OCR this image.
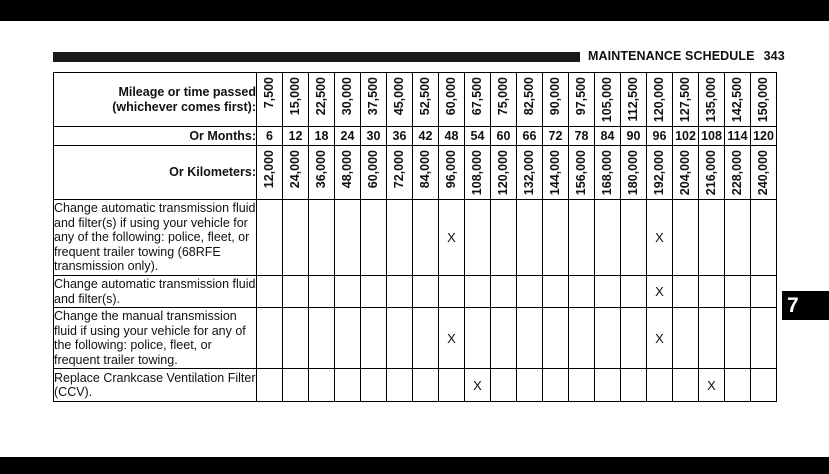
MAINTENANCE SCHEDULE 343
Mileage or time passed (whichever comes first):	7,500	15,000	22,500	30,000	37,500	45,000	52,500	60,000	67,500	75,000	82,500	90,000	97,500	105,000	112,500	120,000	127,500	135,000	142,500	150,000

Or Months:	6	12	18	24	30	36	42	48	54	60	66	72	78	84	90	96	102	108	114	120
Or Kilometers:	12,000	24,000	36,000	48,000	60,000	72,000	84,000	96,000	108,000	120,000	132,000	144,000	156,000	168,000	180,000	192,000	204,000	216,000	228,000	240,000

Change automatic transmission fluid and filter(s) if using your vehicle for any of the following: police, fleet, or frequent trailer towing (68RFE transmission only).								X								X				
Change automatic transmission fluid and filter(s).																X				
Change the manual transmission fluid if using your vehicle for any of the following: police, fleet, or frequent trailer towing.								X								X				
Replace Crankcase Ventilation Filter (CCV).									X									X		
7
